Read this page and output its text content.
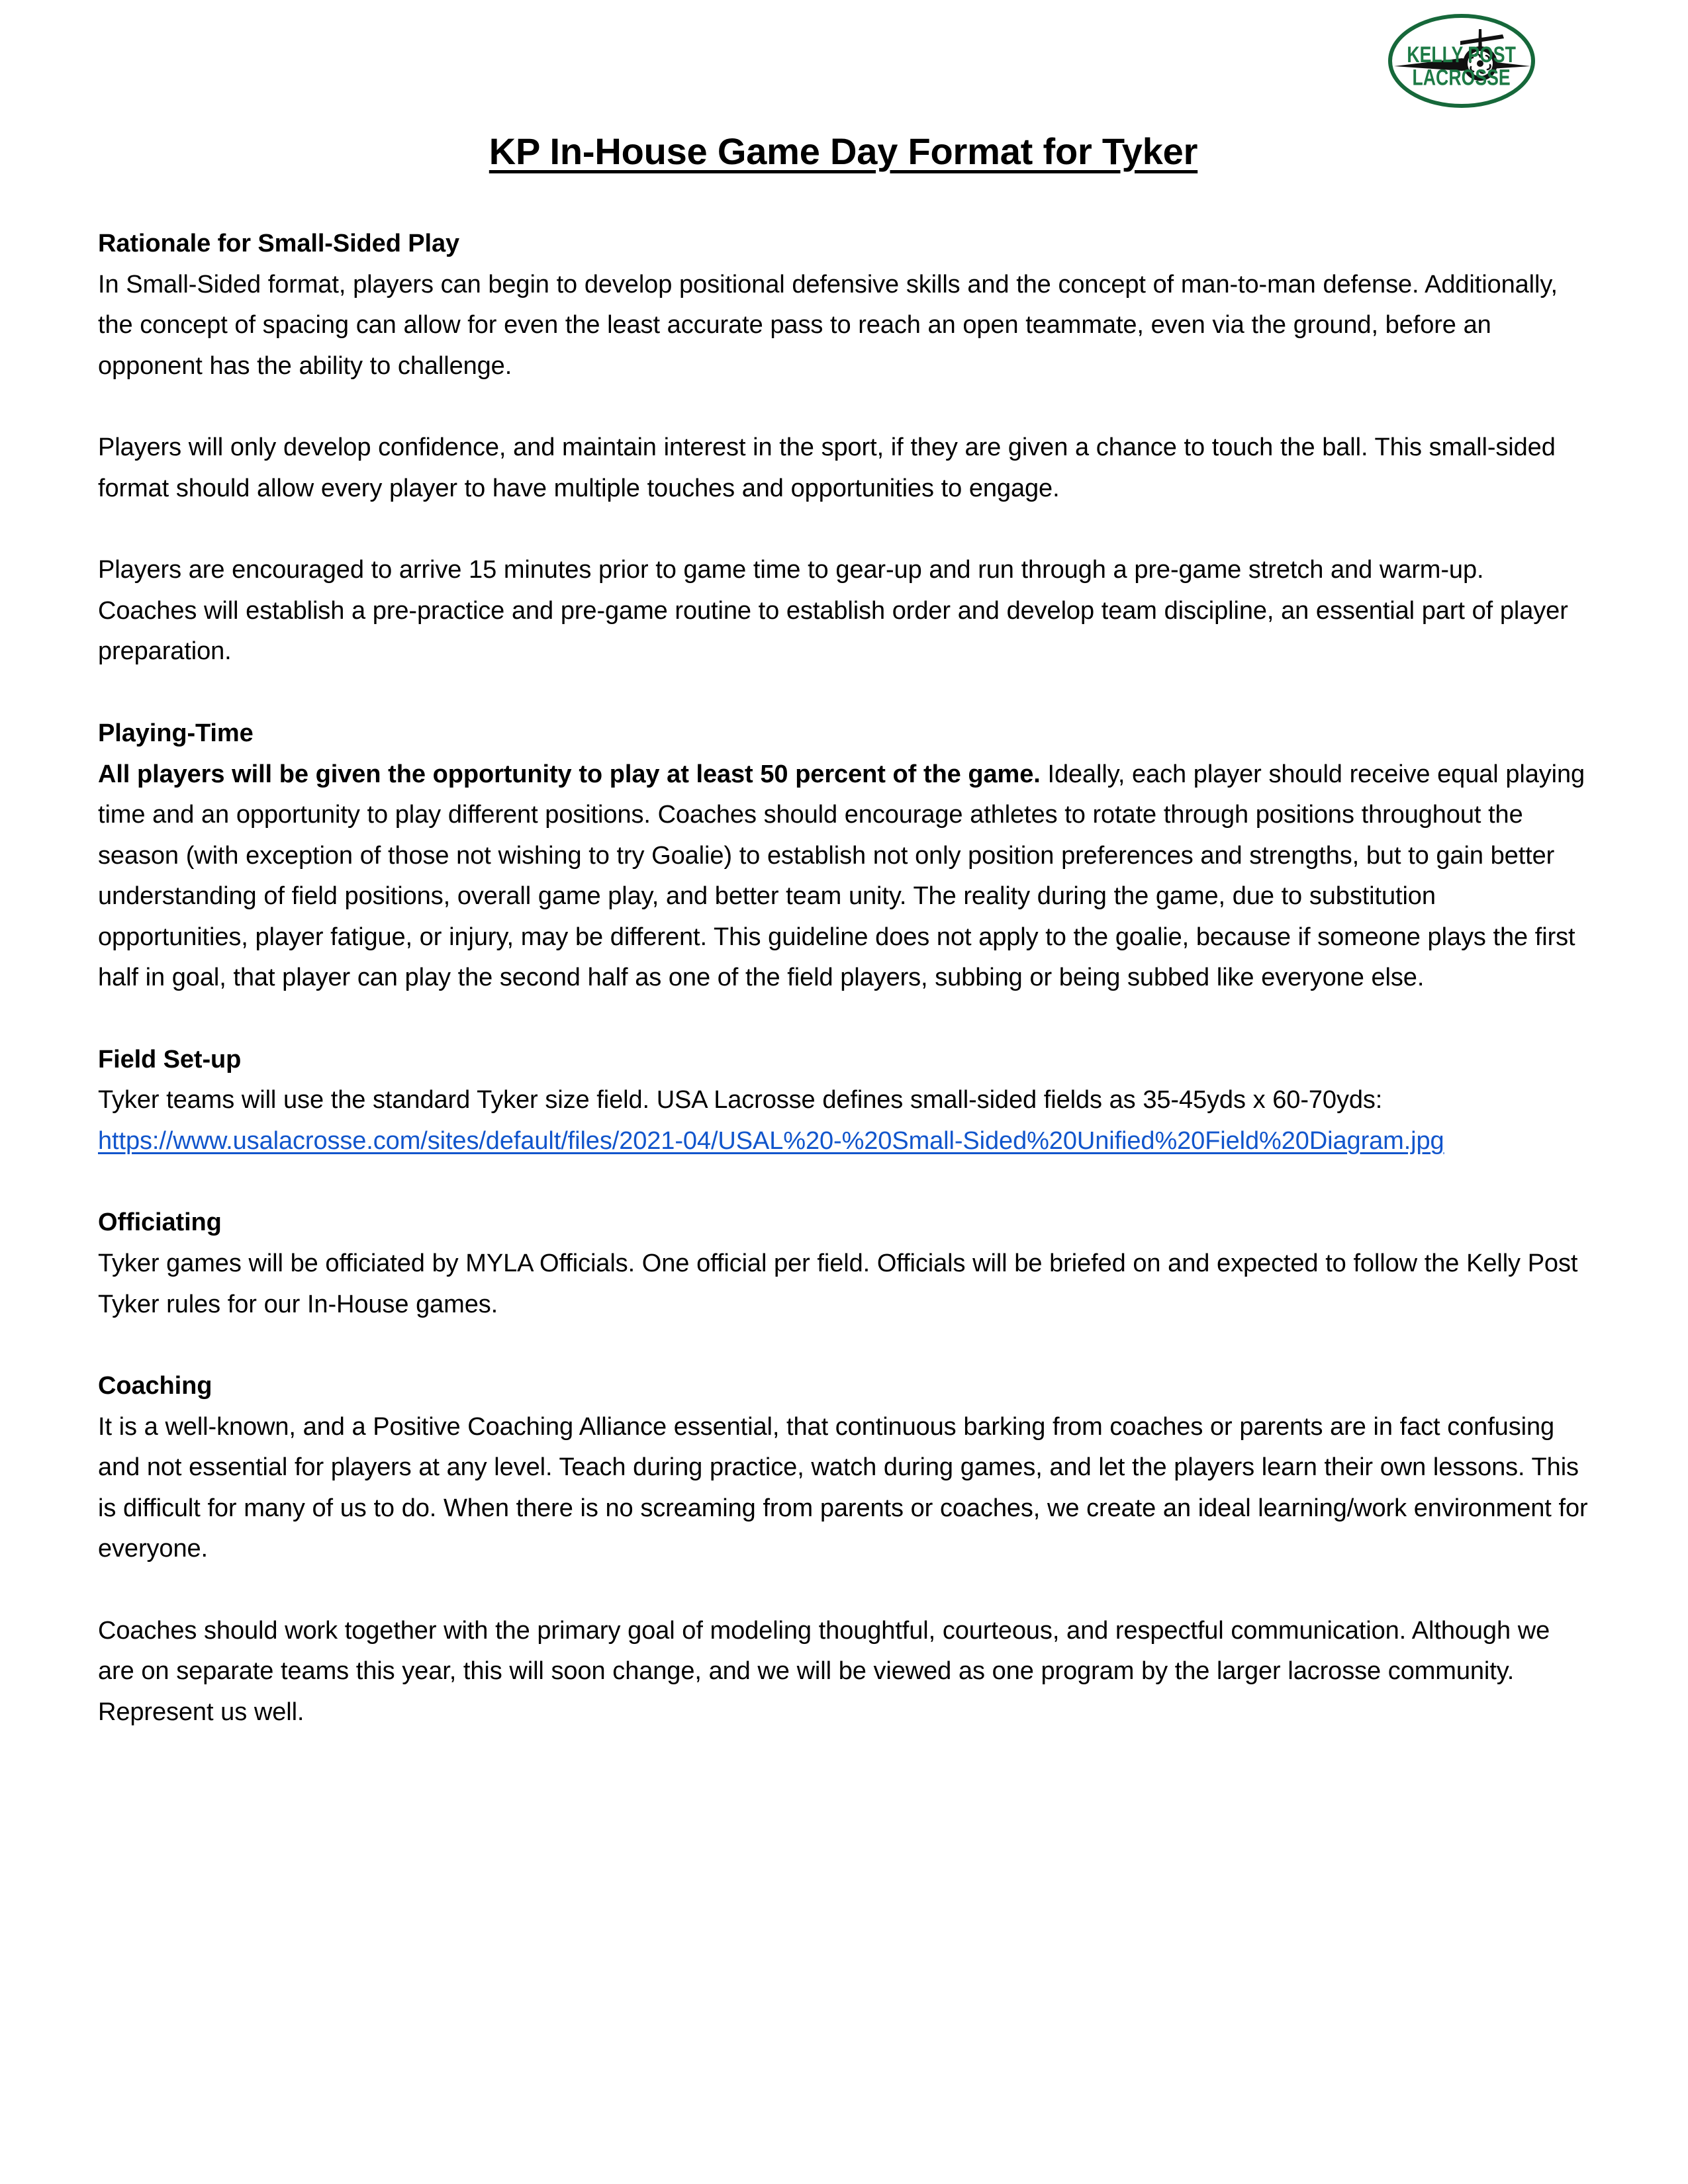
KELLY POST
LACROSSE
KP In-House Game Day Format for Tyker
Rationale for Small-Sided Play

In Small-Sided format, players can begin to develop positional defensive skills and the concept of man-to-man defense. Additionally, the concept of spacing can allow for even the least accurate pass to reach an open teammate, even via the ground, before an opponent has the ability to challenge.

Players will only develop confidence, and maintain interest in the sport, if they are given a chance to touch the ball. This small-sided format should allow every player to have multiple touches and opportunities to engage.

Players are encouraged to arrive 15 minutes prior to game time to gear-up and run through a pre-game stretch and warm-up. Coaches will establish a pre-practice and pre-game routine to establish order and develop team discipline, an essential part of player preparation.

Playing-Time

All players will be given the opportunity to play at least 50 percent of the game. Ideally, each player should receive equal playing time and an opportunity to play different positions. Coaches should encourage athletes to rotate through positions throughout the season (with exception of those not wishing to try Goalie) to establish not only position preferences and strengths, but to gain better understanding of field positions, overall game play, and better team unity. The reality during the game, due to substitution opportunities, player fatigue, or injury, may be different. This guideline does not apply to the goalie, because if someone plays the first half in goal, that player can play the second half as one of the field players, subbing or being subbed like everyone else.

Field Set-up

Tyker teams will use the standard Tyker size field. USA Lacrosse defines small-sided fields as 35-45yds x 60-70yds:

https://www.usalacrosse.com/sites/default/files/2021-04/USAL%20-%20Small-Sided%20Unified%20Field%20Diagram.jpg

Officiating

Tyker games will be officiated by MYLA Officials. One official per field. Officials will be briefed on and expected to follow the Kelly Post Tyker rules for our In-House games.

Coaching

It is a well-known, and a Positive Coaching Alliance essential, that continuous barking from coaches or parents are in fact confusing and not essential for players at any level. Teach during practice, watch during games, and let the players learn their own lessons. This is difficult for many of us to do. When there is no screaming from parents or coaches, we create an ideal learning/work environment for everyone.

Coaches should work together with the primary goal of modeling thoughtful, courteous, and respectful communication. Although we are on separate teams this year, this will soon change, and we will be viewed as one program by the larger lacrosse community. Represent us well.
